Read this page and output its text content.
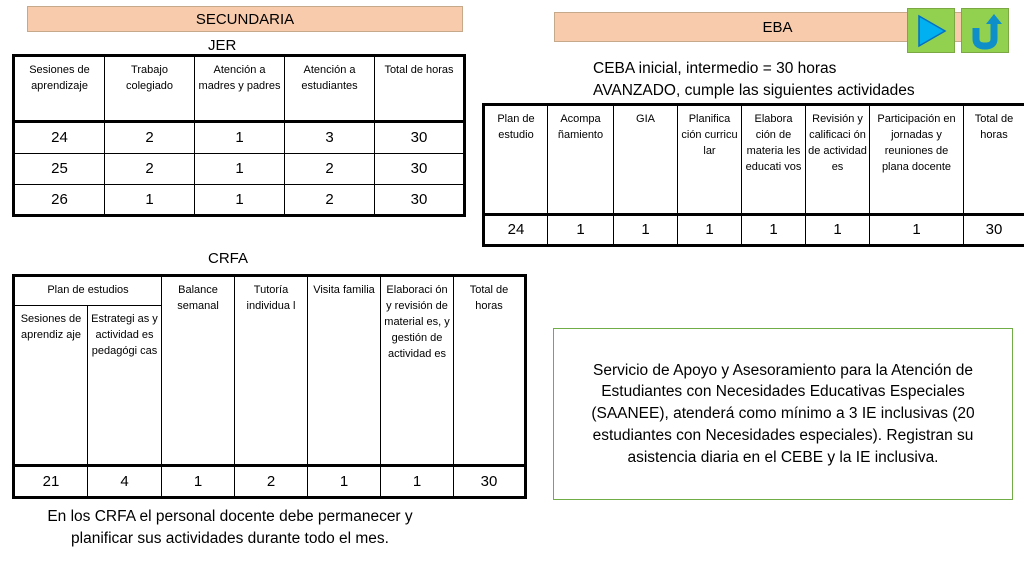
SECUNDARIA	EBA
JER
Sesiones de aprendizaje	Trabajo colegiado	Atención a madres y padres	Atención a estudiantes	Total de horas
24	2	1	3	30
25	2	1	2	30
26	1	1	2	30
CEBA inicial, intermedio = 30 horas
AVANZADO, cumple las siguientes actividades
Plan de estudio	Acompa ñamiento	GIA	Planifica ción curricu lar	Elabora ción de materia les educati vos	Revisión y calificaci ón de actividad es	Participación en jornadas y reuniones de plana docente	Total de horas
24	1	1	1	1	1	1	30
CRFA
Plan de estudios		Balance semanal	Tutoría individua l	Visita familia	Elaboraci ón y revisión de material es, y gestión de actividad es	Total de horas
Sesiones de aprendiz aje	Estrategi as y actividad es pedagógi cas					
21	4	1	2	1	1	30
Servicio de Apoyo y Asesoramiento para la Atención de Estudiantes con Necesidades Educativas Especiales (SAANEE), atenderá como mínimo a 3 IE inclusivas (20 estudiantes con Necesidades especiales). Registran su asistencia diaria en el CEBE y la IE inclusiva.
En los CRFA el personal docente debe permanecer y planificar sus actividades durante todo el mes.
